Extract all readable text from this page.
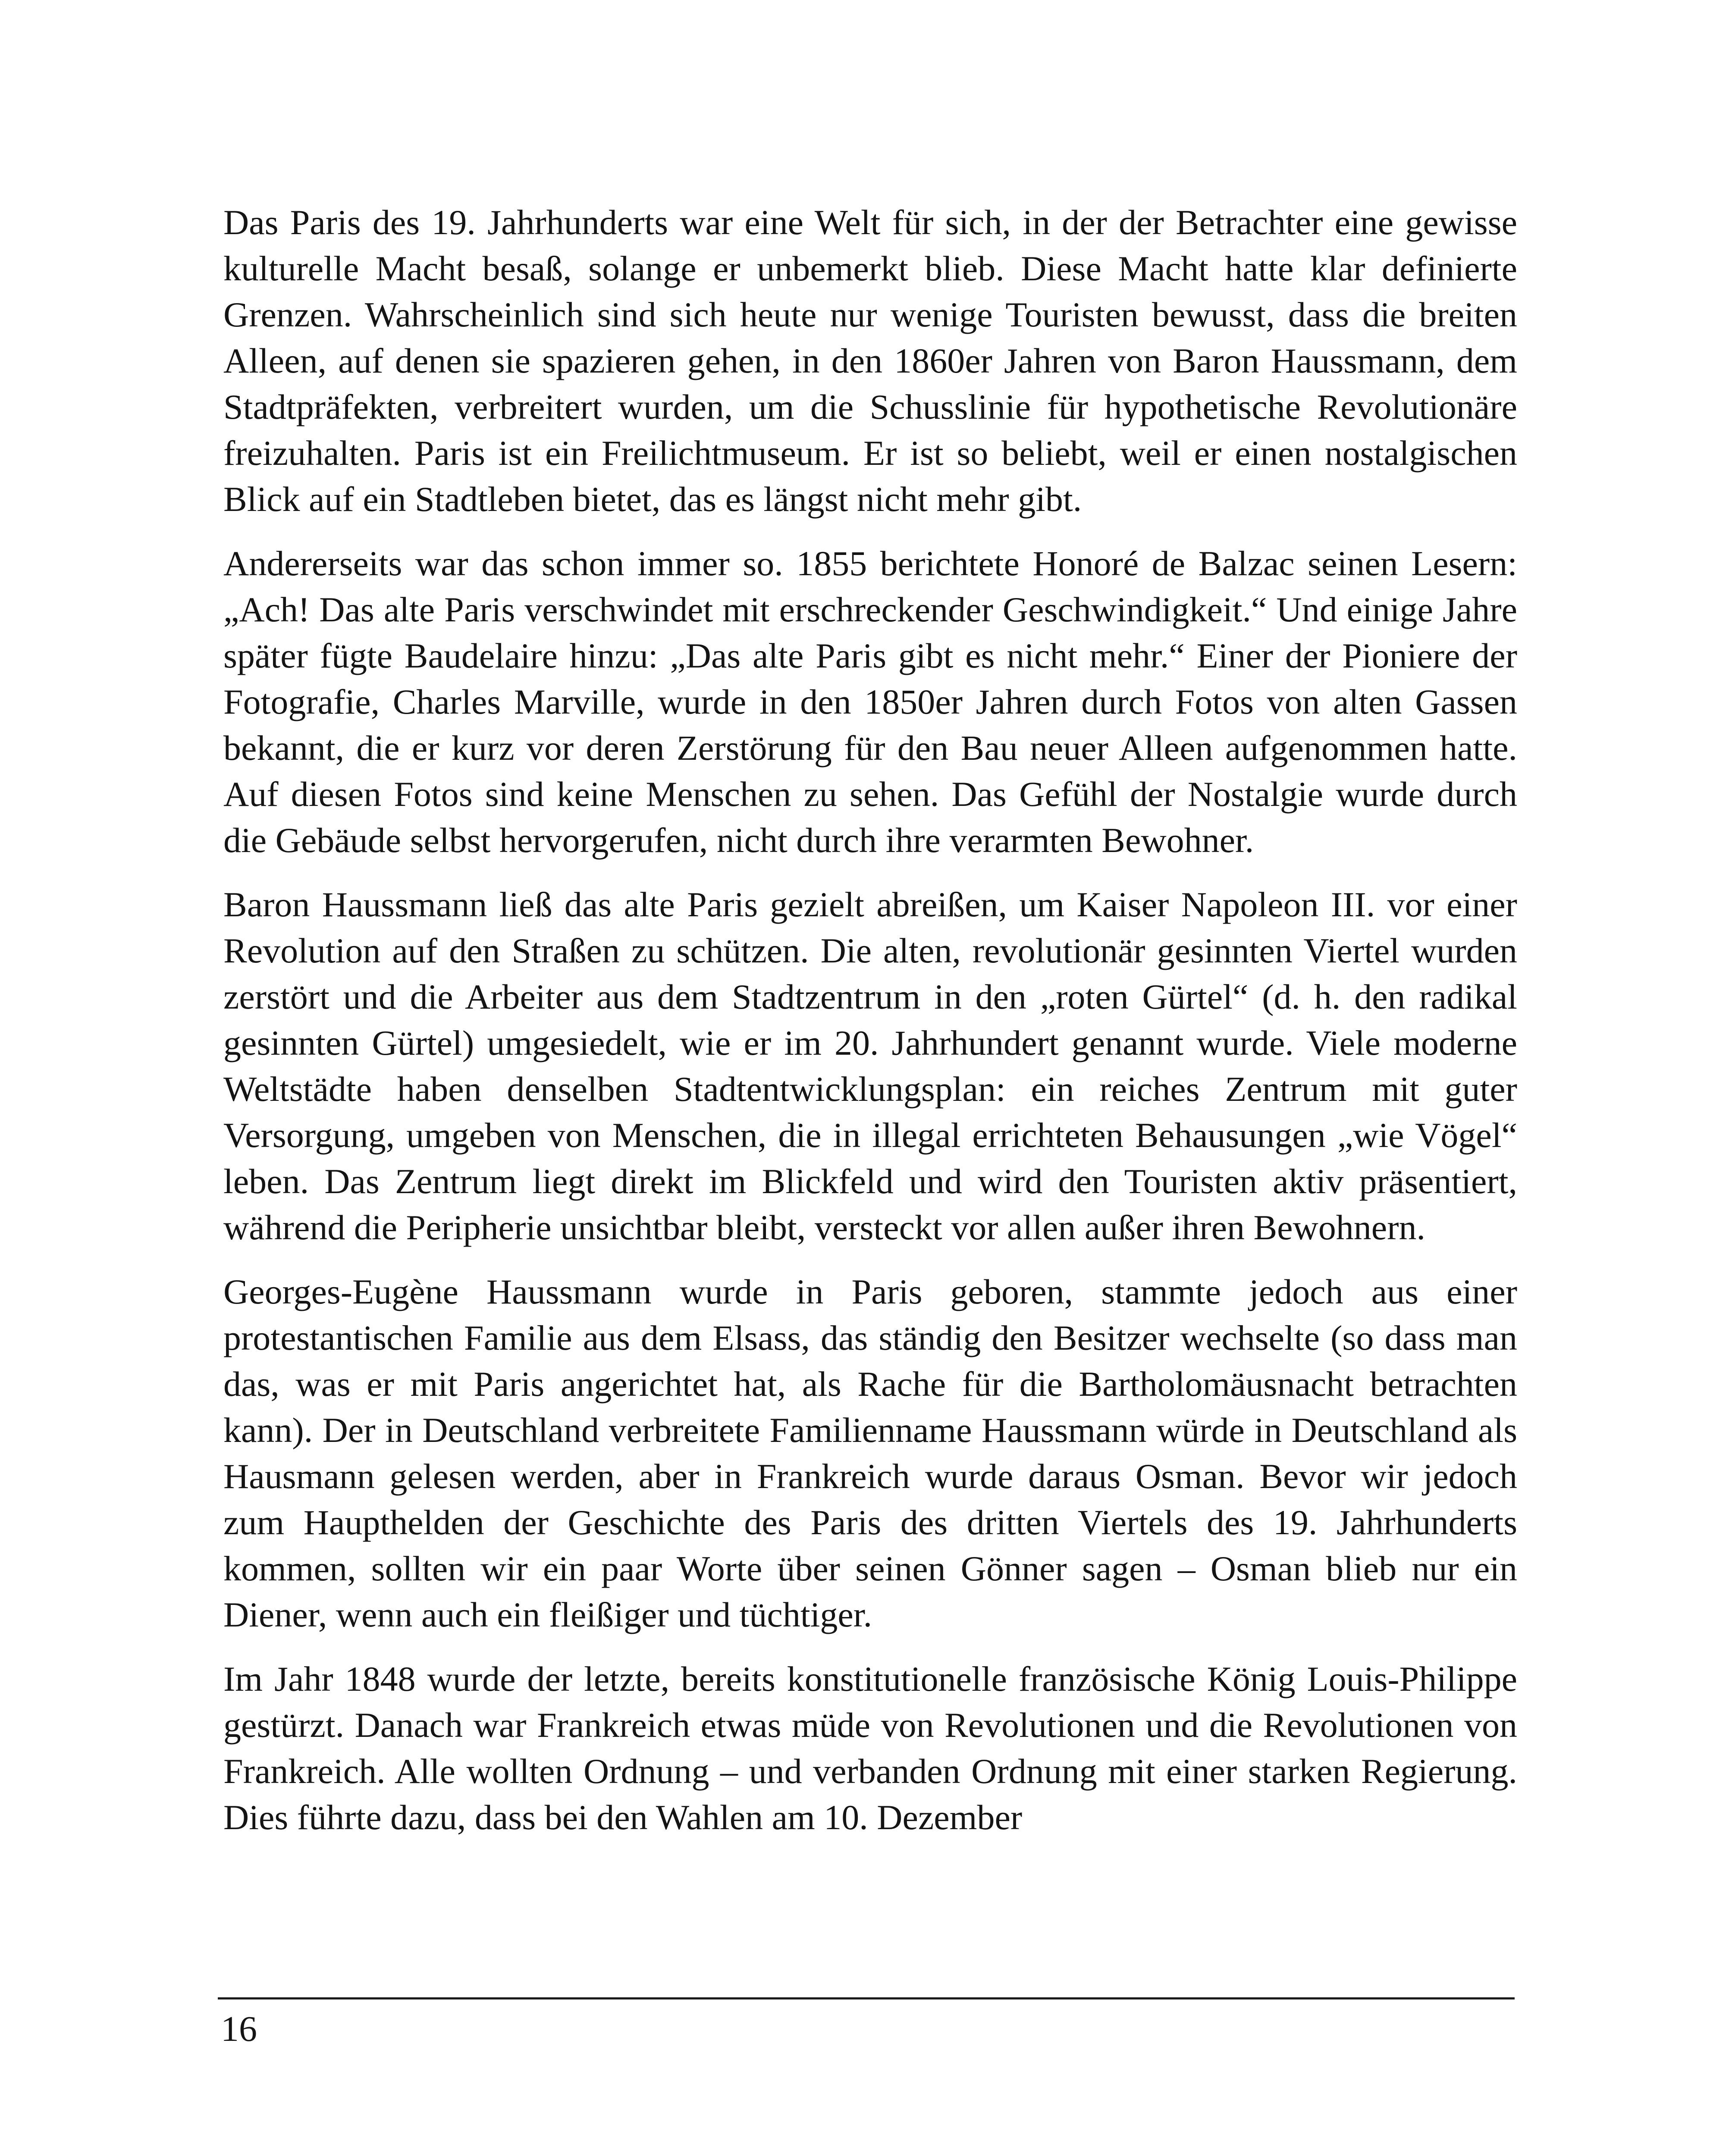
Das Paris des 19. Jahrhunderts war eine Welt für sich, in der der Betrachter eine gewisse kulturelle Macht besaß, solange er unbemerkt blieb. Diese Macht hatte klar definierte Grenzen. Wahrscheinlich sind sich heute nur wenige Touristen bewusst, dass die breiten Alleen, auf denen sie spazieren gehen, in den 1860er Jahren von Baron Haussmann, dem Stadtpräfekten, verbreitert wurden, um die Schusslinie für hypothetische Revolutionäre freizuhalten. Paris ist ein Freilichtmuseum. Er ist so beliebt, weil er einen nostalgischen Blick auf ein Stadtleben bietet, das es längst nicht mehr gibt.

Andererseits war das schon immer so. 1855 berichtete Honoré de Balzac seinen Lesern: „Ach! Das alte Paris verschwindet mit erschreckender Geschwindigkeit.“ Und einige Jahre später fügte Baudelaire hinzu: „Das alte Paris gibt es nicht mehr.“ Einer der Pioniere der Fotografie, Charles Marville, wurde in den 1850er Jahren durch Fotos von alten Gassen bekannt, die er kurz vor deren Zerstörung für den Bau neuer Alleen aufgenommen hatte. Auf diesen Fotos sind keine Menschen zu sehen. Das Gefühl der Nostalgie wurde durch die Gebäude selbst hervorgerufen, nicht durch ihre verarmten Bewohner.

Baron Haussmann ließ das alte Paris gezielt abreißen, um Kaiser Napoleon III. vor einer Revolution auf den Straßen zu schützen. Die alten, revolutionär gesinnten Viertel wurden zerstört und die Arbeiter aus dem Stadtzentrum in den „roten Gürtel“ (d. h. den radikal gesinnten Gürtel) umgesiedelt, wie er im 20. Jahrhundert genannt wurde. Viele moderne Weltstädte haben denselben Stadtentwicklungsplan: ein reiches Zentrum mit guter Versorgung, umgeben von Menschen, die in illegal errichteten Behausungen „wie Vögel“ leben. Das Zentrum liegt direkt im Blickfeld und wird den Touristen aktiv präsentiert, während die Peripherie unsichtbar bleibt, versteckt vor allen außer ihren Bewohnern.

Georges-Eugène Haussmann wurde in Paris geboren, stammte jedoch aus einer protestantischen Familie aus dem Elsass, das ständig den Besitzer wechselte (so dass man das, was er mit Paris angerichtet hat, als Rache für die Bartholomäusnacht betrachten kann). Der in Deutschland verbreitete Familienname Haussmann würde in Deutschland als Hausmann gelesen werden, aber in Frankreich wurde daraus Osman. Bevor wir jedoch zum Haupthelden der Geschichte des Paris des dritten Viertels des 19. Jahrhunderts kommen, sollten wir ein paar Worte über seinen Gönner sagen – Osman blieb nur ein Diener, wenn auch ein fleißiger und tüchtiger.

Im Jahr 1848 wurde der letzte, bereits konstitutionelle französische König Louis-Philippe gestürzt. Danach war Frankreich etwas müde von Revolutionen und die Revolutionen von Frankreich. Alle wollten Ordnung – und verbanden Ordnung mit einer starken Regierung. Dies führte dazu, dass bei den Wahlen am 10. Dezember

16
